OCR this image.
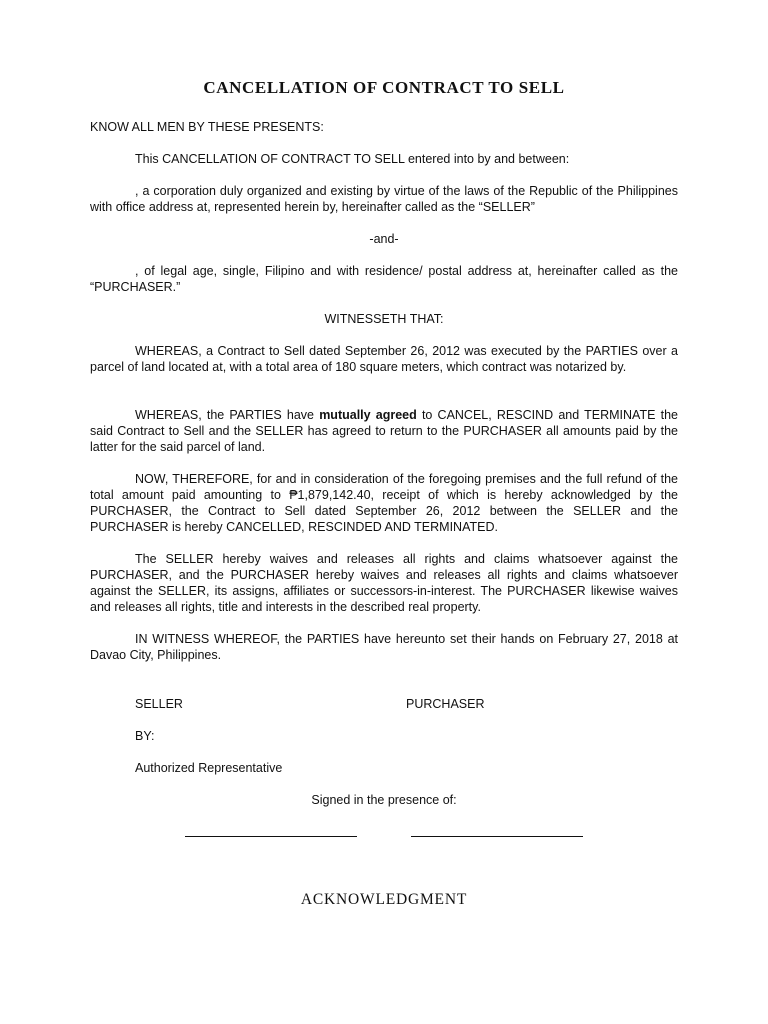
CANCELLATION OF CONTRACT TO SELL
KNOW ALL MEN BY THESE PRESENTS:
This CANCELLATION OF CONTRACT TO SELL entered into by and between:
, a corporation duly organized and existing by virtue of the laws of the Republic of the Philippines with office address at, represented herein by, hereinafter called as the “SELLER”
-and-
, of legal age, single, Filipino and with residence/ postal address at, hereinafter called as the “PURCHASER.”
WITNESSETH THAT:
WHEREAS, a Contract to Sell dated September 26, 2012 was executed by the PARTIES over a parcel of land located at, with a total area of 180 square meters, which contract was notarized by.
WHEREAS, the PARTIES have mutually agreed to CANCEL, RESCIND and TERMINATE the said Contract to Sell and the SELLER has agreed to return to the PURCHASER all amounts paid by the latter for the said parcel of land.
NOW, THEREFORE, for and in consideration of the foregoing premises and the full refund of the total amount paid amounting to ₱1,879,142.40, receipt of which is hereby acknowledged by the PURCHASER, the Contract to Sell dated September 26, 2012 between the SELLER and the PURCHASER is hereby CANCELLED, RESCINDED AND TERMINATED.
The SELLER hereby waives and releases all rights and claims whatsoever against the PURCHASER, and the PURCHASER hereby waives and releases all rights and claims whatsoever against the SELLER, its assigns, affiliates or successors-in-interest. The PURCHASER likewise waives and releases all rights, title and interests in the described real property.
IN WITNESS WHEREOF, the PARTIES have hereunto set their hands on February 27, 2018 at Davao City, Philippines.
SELLER	PURCHASER
BY:
Authorized Representative
Signed in the presence of:
ACKNOWLEDGMENT
